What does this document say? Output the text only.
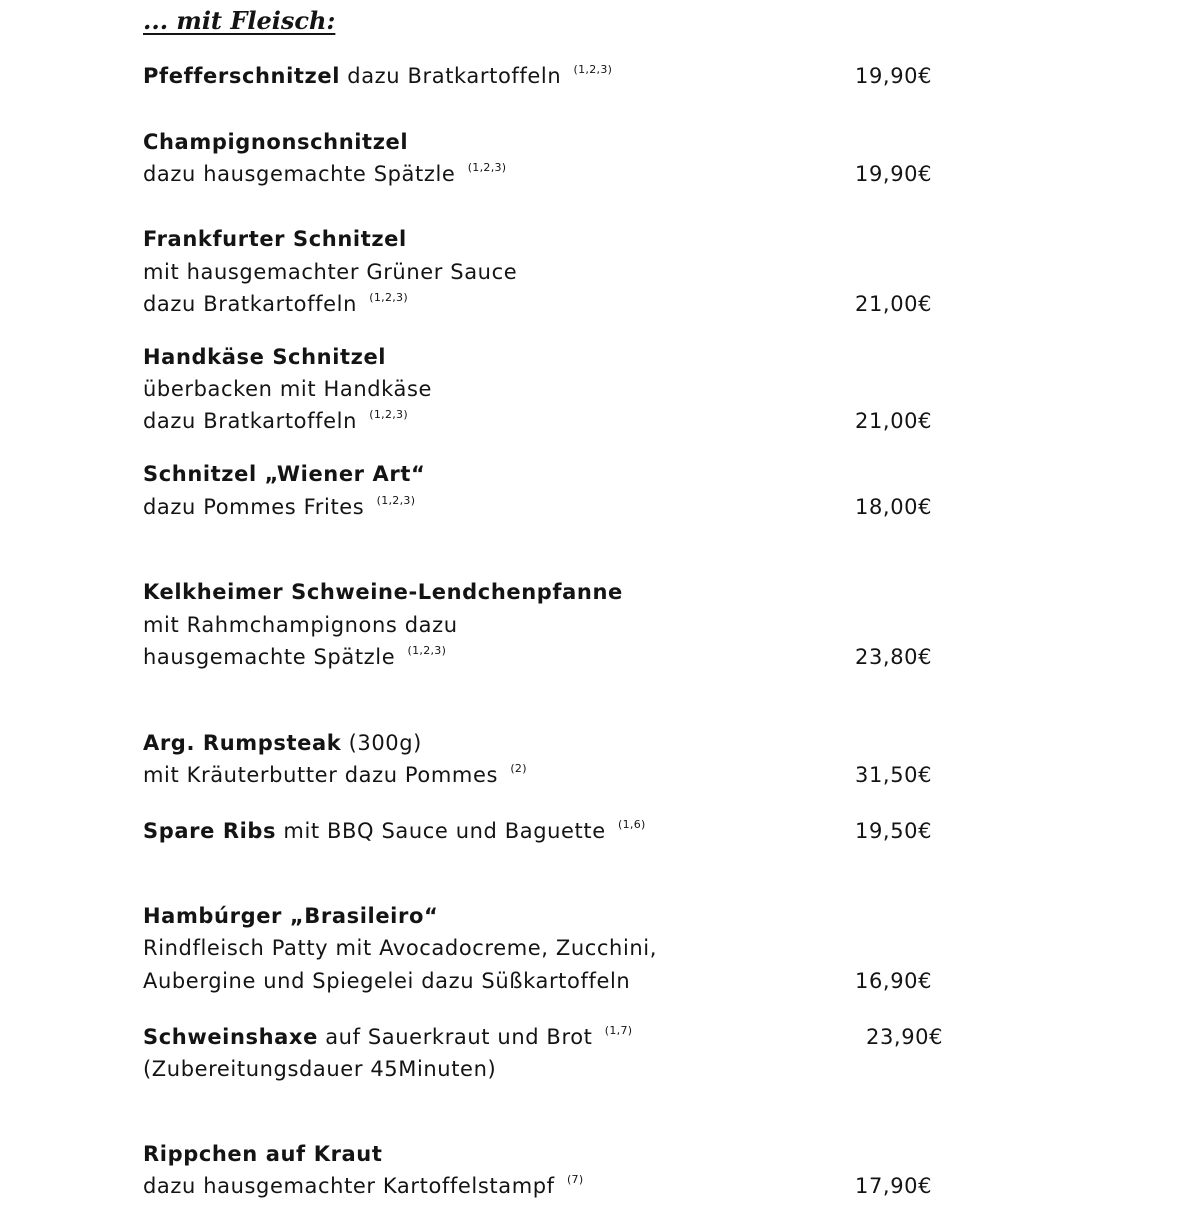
... mit Fleisch:
Pfefferschnitzel dazu Bratkartoffeln $^{(1,2,3)}$	19,90€
Champignonschnitzel
dazu hausgemachte Spätzle $^{(1,2,3)}$	19,90€
Frankfurter Schnitzel
mit hausgemachter Grüner Sauce
dazu Bratkartoffeln $^{(1,2,3)}$	21,00€
Handkäse Schnitzel
überbacken mit Handkäse
dazu Bratkartoffeln $^{(1,2,3)}$	21,00€
Schnitzel „Wiener Art“
dazu Pommes Frites $^{(1,2,3)}$	18,00€
Kelkheimer Schweine-Lendchenpfanne
mit Rahmchampignons dazu
hausgemachte Spätzle $^{(1,2,3)}$	23,80€
Arg. Rumpsteak (300g)
mit Kräuterbutter dazu Pommes $^{(2)}$	31,50€
Spare Ribs mit BBQ Sauce und Baguette $^{(1,6)}$	19,50€
Hambúrger „Brasileiro“
Rindfleisch Patty mit Avocadocreme, Zucchini,
Aubergine und Spiegelei dazu Süßkartoffeln	16,90€
Schweinshaxe auf Sauerkraut und Brot $^{(1,7)}$	23,90€
(Zubereitungsdauer 45Minuten)
Rippchen auf Kraut
dazu hausgemachter Kartoffelstampf $^{(7)}$	17,90€
